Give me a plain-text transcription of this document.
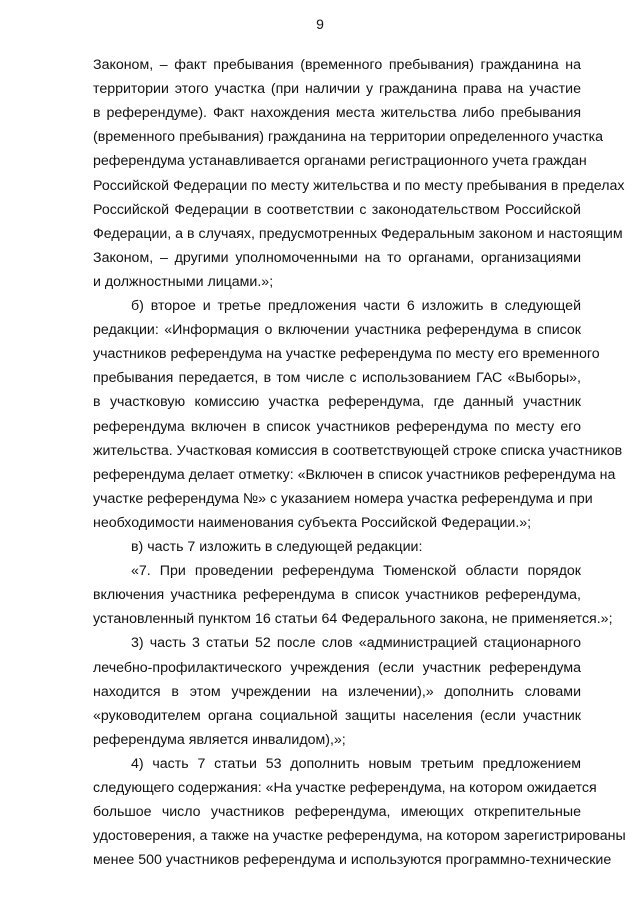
9
Законом, – факт пребывания (временного пребывания) гражданина на
территории этого участка (при наличии у гражданина права на участие
в референдуме). Факт нахождения места жительства либо пребывания
(временного пребывания) гражданина на территории определенного участка
референдума устанавливается органами регистрационного учета граждан
Российской Федерации по месту жительства и по месту пребывания в пределах
Российской Федерации в соответствии с законодательством Российской
Федерации, а в случаях, предусмотренных Федеральным законом и настоящим
Законом, – другими уполномоченными на то органами, организациями
и должностными лицами.»;
б) второе и третье предложения части 6 изложить в следующей
редакции: «Информация о включении участника референдума в список
участников референдума на участке референдума по месту его временного
пребывания передается, в том числе с использованием ГАС «Выборы»,
в участковую комиссию участка референдума, где данный участник
референдума включен в список участников референдума по месту его
жительства. Участковая комиссия в соответствующей строке списка участников
референдума делает отметку: «Включен в список участников референдума на
участке референдума №» с указанием номера участка референдума и при
необходимости наименования субъекта Российской Федерации.»;
в) часть 7 изложить в следующей редакции:
«7. При проведении референдума Тюменской области порядок
включения участника референдума в список участников референдума,
установленный пунктом 16 статьи 64 Федерального закона, не применяется.»;
3) часть 3 статьи 52 после слов «администрацией стационарного
лечебно-профилактического учреждения (если участник референдума
находится в этом учреждении на излечении),» дополнить словами
«руководителем органа социальной защиты населения (если участник
референдума является инвалидом),»;
4) часть 7 статьи 53 дополнить новым третьим предложением
следующего содержания: «На участке референдума, на котором ожидается
большое число участников референдума, имеющих открепительные
удостоверения, а также на участке референдума, на котором зарегистрированы
менее 500 участников референдума и используются программно-технические
